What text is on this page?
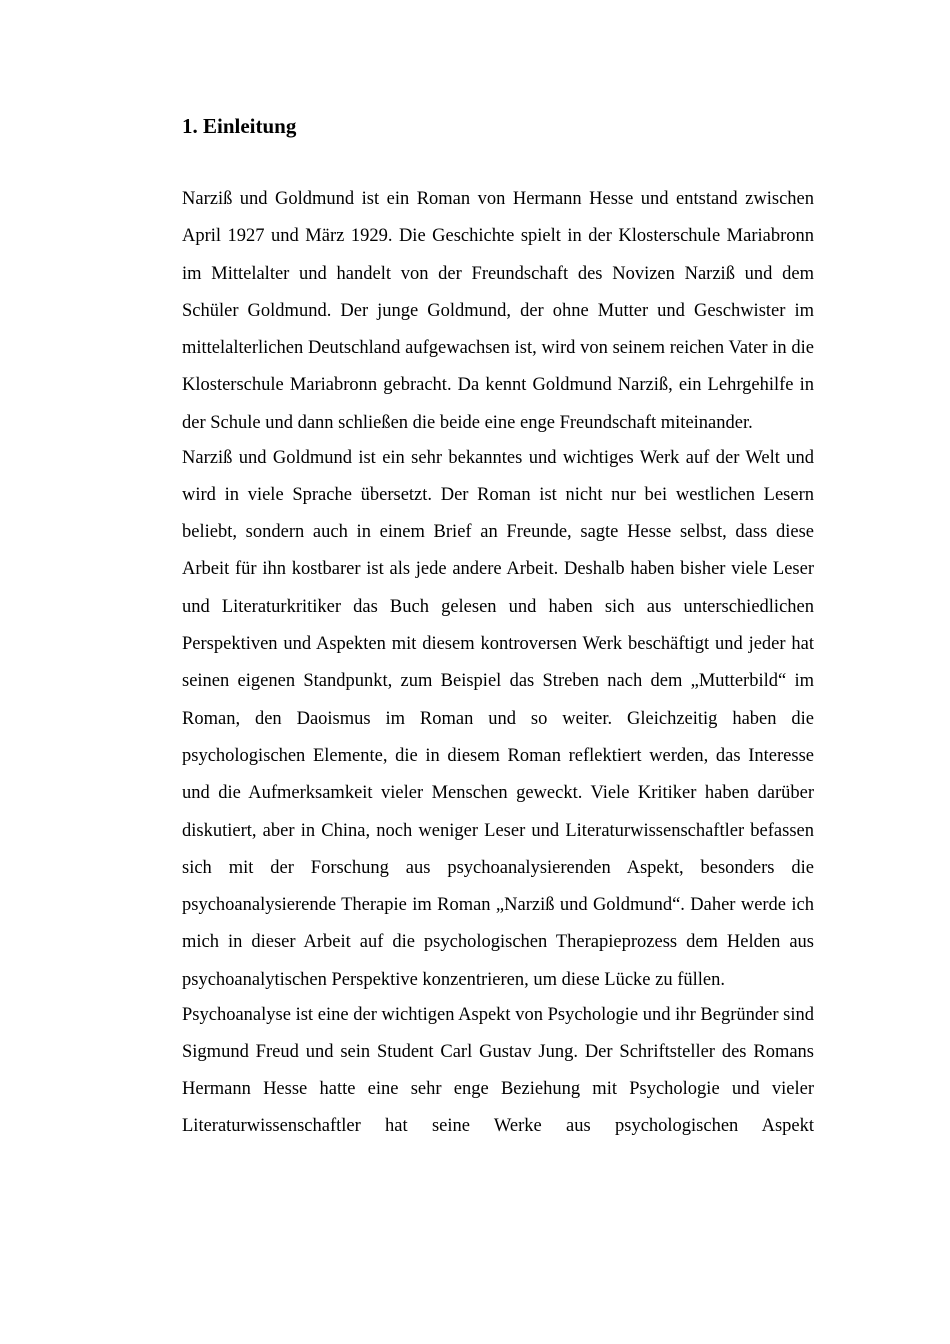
1. Einleitung

Narziß und Goldmund ist ein Roman von Hermann Hesse und entstand zwischen April 1927 und März 1929. Die Geschichte spielt in der Klosterschule Mariabronn im Mittelalter und handelt von der Freundschaft des Novizen Narziß und dem Schüler Goldmund. Der junge Goldmund, der ohne Mutter und Geschwister im mittelalterlichen Deutschland aufgewachsen ist, wird von seinem reichen Vater in die Klosterschule Mariabronn gebracht. Da kennt Goldmund Narziß, ein Lehrgehilfe in der Schule und dann schließen die beide eine enge Freundschaft miteinander.

Narziß und Goldmund ist ein sehr bekanntes und wichtiges Werk auf der Welt und wird in viele Sprache übersetzt. Der Roman ist nicht nur bei westlichen Lesern beliebt, sondern auch in einem Brief an Freunde, sagte Hesse selbst, dass diese Arbeit für ihn kostbarer ist als jede andere Arbeit. Deshalb haben bisher viele Leser und Literaturkritiker das Buch gelesen und haben sich aus unterschiedlichen Perspektiven und Aspekten mit diesem kontroversen Werk beschäftigt und jeder hat seinen eigenen Standpunkt, zum Beispiel das Streben nach dem „Mutterbild“ im Roman, den Daoismus im Roman und so weiter. Gleichzeitig haben die psychologischen Elemente, die in diesem Roman reflektiert werden, das Interesse und die Aufmerksamkeit vieler Menschen geweckt. Viele Kritiker haben darüber diskutiert, aber in China, noch weniger Leser und Literaturwissenschaftler befassen sich mit der Forschung aus psychoanalysierenden Aspekt, besonders die psychoanalysierende Therapie im Roman „Narziß und Goldmund“. Daher werde ich mich in dieser Arbeit auf die psychologischen Therapieprozess dem Helden aus psychoanalytischen Perspektive konzentrieren, um diese Lücke zu füllen.

Psychoanalyse ist eine der wichtigen Aspekt von Psychologie und ihr Begründer sind Sigmund Freud und sein Student Carl Gustav Jung. Der Schriftsteller des Romans Hermann Hesse hatte eine sehr enge Beziehung mit Psychologie und vieler Literaturwissenschaftler hat seine Werke aus psychologischen Aspekt
